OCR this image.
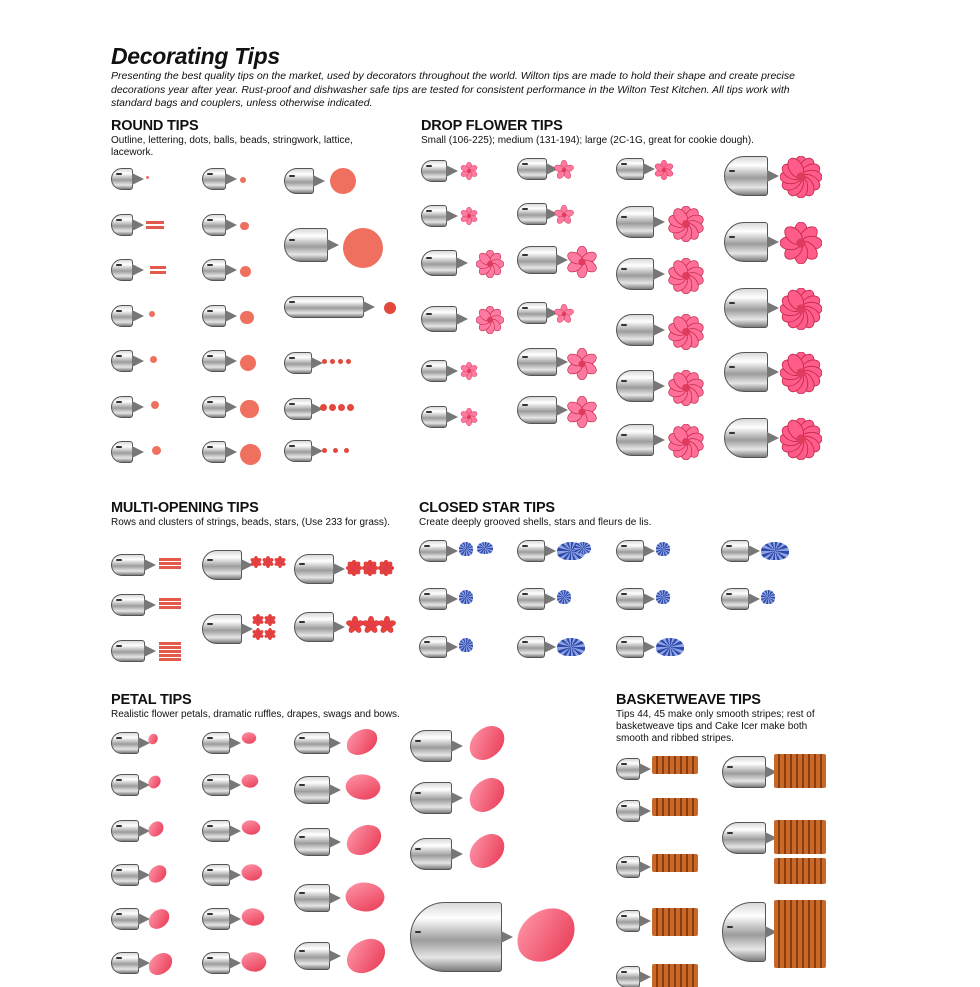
Decorating Tips
Presenting the best quality tips on the market, used by decorators throughout the world. Wilton tips are made to hold their shape and create precise decorations year after year. Rust-proof and dishwasher safe tips are tested for consistent performance in the Wilton Test Kitchen. All tips work with standard bags and couplers, unless otherwise indicated.
ROUND TIPS
Outline, lettering, dots, balls, beads, stringwork, lattice, lacework.
DROP FLOWER TIPS
Small (106-225); medium (131-194); large (2C-1G, great for cookie dough).
MULTI-OPENING TIPS
Rows and clusters of strings, beads, stars, (Use 233 for grass).
CLOSED STAR TIPS
Create deeply grooved shells, stars and fleurs de lis.
PETAL TIPS
Realistic flower petals, dramatic ruffles, drapes, swags and bows.
BASKETWEAVE TIPS
Tips 44, 45 make only smooth stripes; rest of basketweave tips and Cake Icer make both smooth and ribbed stripes.
